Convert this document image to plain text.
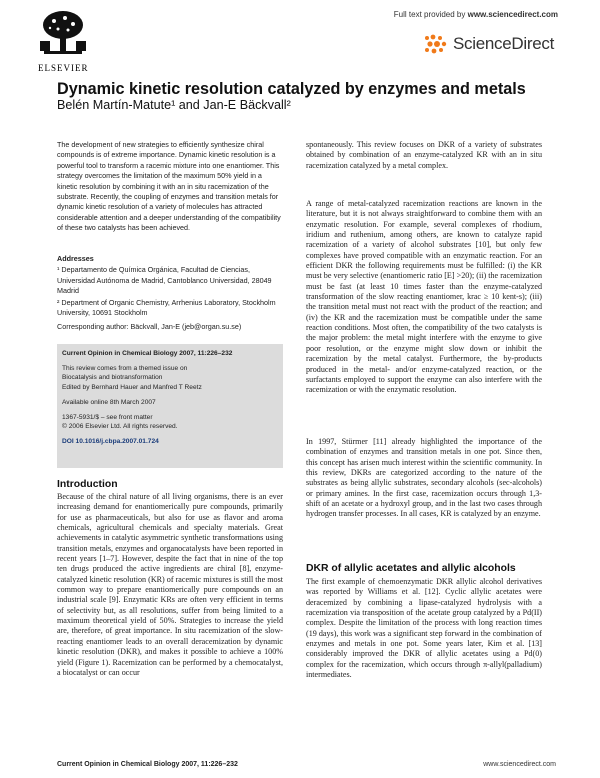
ELSEVIER
Full text provided by www.sciencedirect.com
ScienceDirect
Dynamic kinetic resolution catalyzed by enzymes and metals
Belén Martín-Matute¹ and Jan-E Bäckvall²

The development of new strategies to efficiently synthesize chiral compounds is of extreme importance. Dynamic kinetic resolution is a powerful tool to transform a racemic mixture into one enantiomer. This strategy overcomes the limitation of the maximum 50% yield in a kinetic resolution by combining it with an in situ racemization of the substrate. Recently, the coupling of enzymes and transition metals for dynamic kinetic resolution of a variety of molecules has attracted considerable attention and a deeper understanding of the compatibility of these two catalysts has been achieved.

Addresses

¹ Departamento de Química Orgánica, Facultad de Ciencias, Universidad Autónoma de Madrid, Cantoblanco Universidad, 28049 Madrid

² Department of Organic Chemistry, Arrhenius Laboratory, Stockholm University, 10691 Stockholm

Corresponding author: Bäckvall, Jan-E (jeb@organ.su.se)

Current Opinion in Chemical Biology 2007, 11:226–232

This review comes from a themed issue on

Biocatalysis and biotransformation

Edited by Bernhard Hauer and Manfred T Reetz

Available online 8th March 2007

1367-5931/$ – see front matter

© 2006 Elsevier Ltd. All rights reserved.

DOI 10.1016/j.cbpa.2007.01.724

Introduction

Because of the chiral nature of all living organisms, there is an ever increasing demand for enantiomerically pure compounds, primarily for use as pharmaceuticals, but also for use as flavor and aroma chemicals, agricultural chemicals and specialty materials. Great achievements in catalytic asymmetric synthetic transformations using transition metals, enzymes and organocatalysts have been reported in recent years [1–7]. However, despite the fact that in nine of the top ten drugs produced the active ingredients are chiral [8], enzyme-catalyzed kinetic resolution (KR) of racemic mixtures is still the most common way to prepare enantiomerically pure compounds on an industrial scale [9]. Enzymatic KRs are often very efficient in terms of selectivity but, as all resolutions, suffer from being limited to a maximum theoretical yield of 50%. Strategies to increase the yield are, therefore, of great importance. In situ racemization of the slow-reacting enantiomer leads to an overall deracemization by dynamic kinetic resolution (DKR), and makes it possible to achieve a 100% yield (Figure 1). Racemization can be performed by a chemocatalyst, a biocatalyst or can occur

spontaneously. This review focuses on DKR of a variety of substrates obtained by combination of an enzyme-catalyzed KR with an in situ racemization catalyzed by a metal complex.

A range of metal-catalyzed racemization reactions are known in the literature, but it is not always straightforward to combine them with an enzymatic resolution. For example, several complexes of rhodium, iridium and ruthenium, among others, are known to catalyze rapid racemization of a variety of alcohol substrates [10], but only few complexes have proved compatible with an enzymatic reaction. For an efficient DKR the following requirements must be fulfilled: (i) the KR must be very selective (enantiomeric ratio [E] >20); (ii) the racemization must be fast (at least 10 times faster than the enzyme-catalyzed transformation of the slow reacting enantiomer, krac ≥ 10 kent-s); (iii) the transition metal must not react with the product of the reaction; and (iv) the KR and the racemization must be compatible under the same reaction conditions. Most often, the compatibility of the two catalysts is the major problem: the metal might interfere with the enzyme to give poor resolution, or the enzyme might slow down or inhibit the racemization by the metal catalyst. Furthermore, the by-products produced in the metal- and/or enzyme-catalyzed reaction, or the surfactants employed to support the enzyme can also interfere with the racemization or with the enzymatic resolution.

In 1997, Stürmer [11] already highlighted the importance of the combination of enzymes and transition metals in one pot. Since then, this concept has arisen much interest within the scientific community. In this review, DKRs are categorized according to the nature of the substrates as being allylic substrates, secondary alcohols (sec-alcohols) or primary amines. In the first case, racemization occurs through 1,3-shift of an acetate or a hydroxyl group, and in the last two cases through hydrogen transfer processes. In all cases, KR is catalyzed by an enzyme.

DKR of allylic acetates and allylic alcohols

The first example of chemoenzymatic DKR allylic alcohol derivatives was reported by Williams et al. [12]. Cyclic allylic acetates were deracemized by combining a lipase-catalyzed hydrolysis with a racemization via transposition of the acetate group catalyzed by a Pd(II) complex. Despite the limitation of the process with long reaction times (19 days), this work was a significant step forward in the combination of enzymes and metals in one pot. Some years later, Kim et al. [13] considerably improved the DKR of allylic acetates using a Pd(0) complex for the racemization, which occurs through π-allyl(palladium) intermediates.

Current Opinion in Chemical Biology 2007, 11:226–232	www.sciencedirect.com
